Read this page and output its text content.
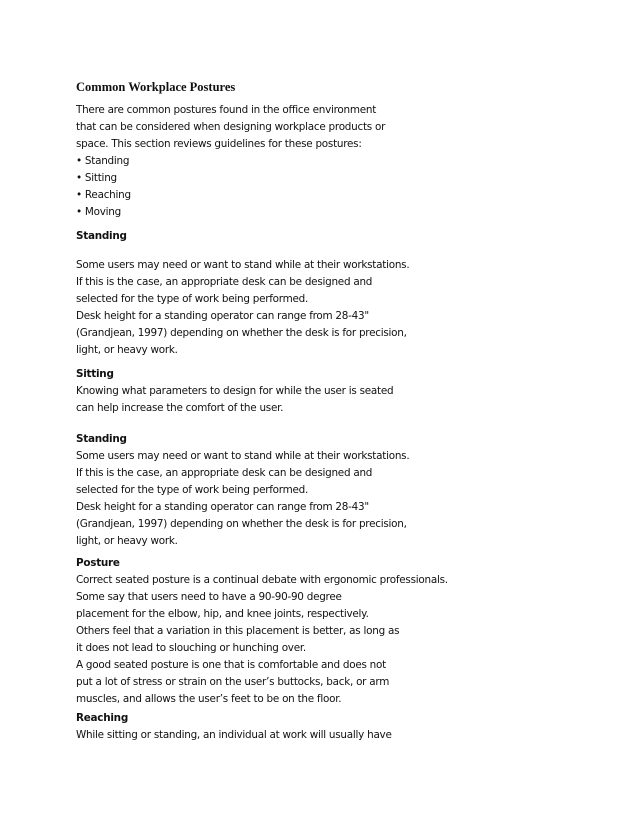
Common Workplace Postures
There are common postures found in the office environment
that can be considered when designing workplace products or
space. This section reviews guidelines for these postures:
• Standing
• Sitting
• Reaching
• Moving
Standing
Some users may need or want to stand while at their workstations.
If this is the case, an appropriate desk can be designed and
selected for the type of work being performed.
Desk height for a standing operator can range from 28-43"
(Grandjean, 1997) depending on whether the desk is for precision,
light, or heavy work.
Sitting
Knowing what parameters to design for while the user is seated
can help increase the comfort of the user.
Standing
Some users may need or want to stand while at their workstations.
If this is the case, an appropriate desk can be designed and
selected for the type of work being performed.
Desk height for a standing operator can range from 28-43"
(Grandjean, 1997) depending on whether the desk is for precision,
light, or heavy work.
Posture
Correct seated posture is a continual debate with ergonomic professionals.
Some say that users need to have a 90-90-90 degree
placement for the elbow, hip, and knee joints, respectively.
Others feel that a variation in this placement is better, as long as
it does not lead to slouching or hunching over.
A good seated posture is one that is comfortable and does not
put a lot of stress or strain on the user’s buttocks, back, or arm
muscles, and allows the user’s feet to be on the floor.
Reaching
While sitting or standing, an individual at work will usually have
